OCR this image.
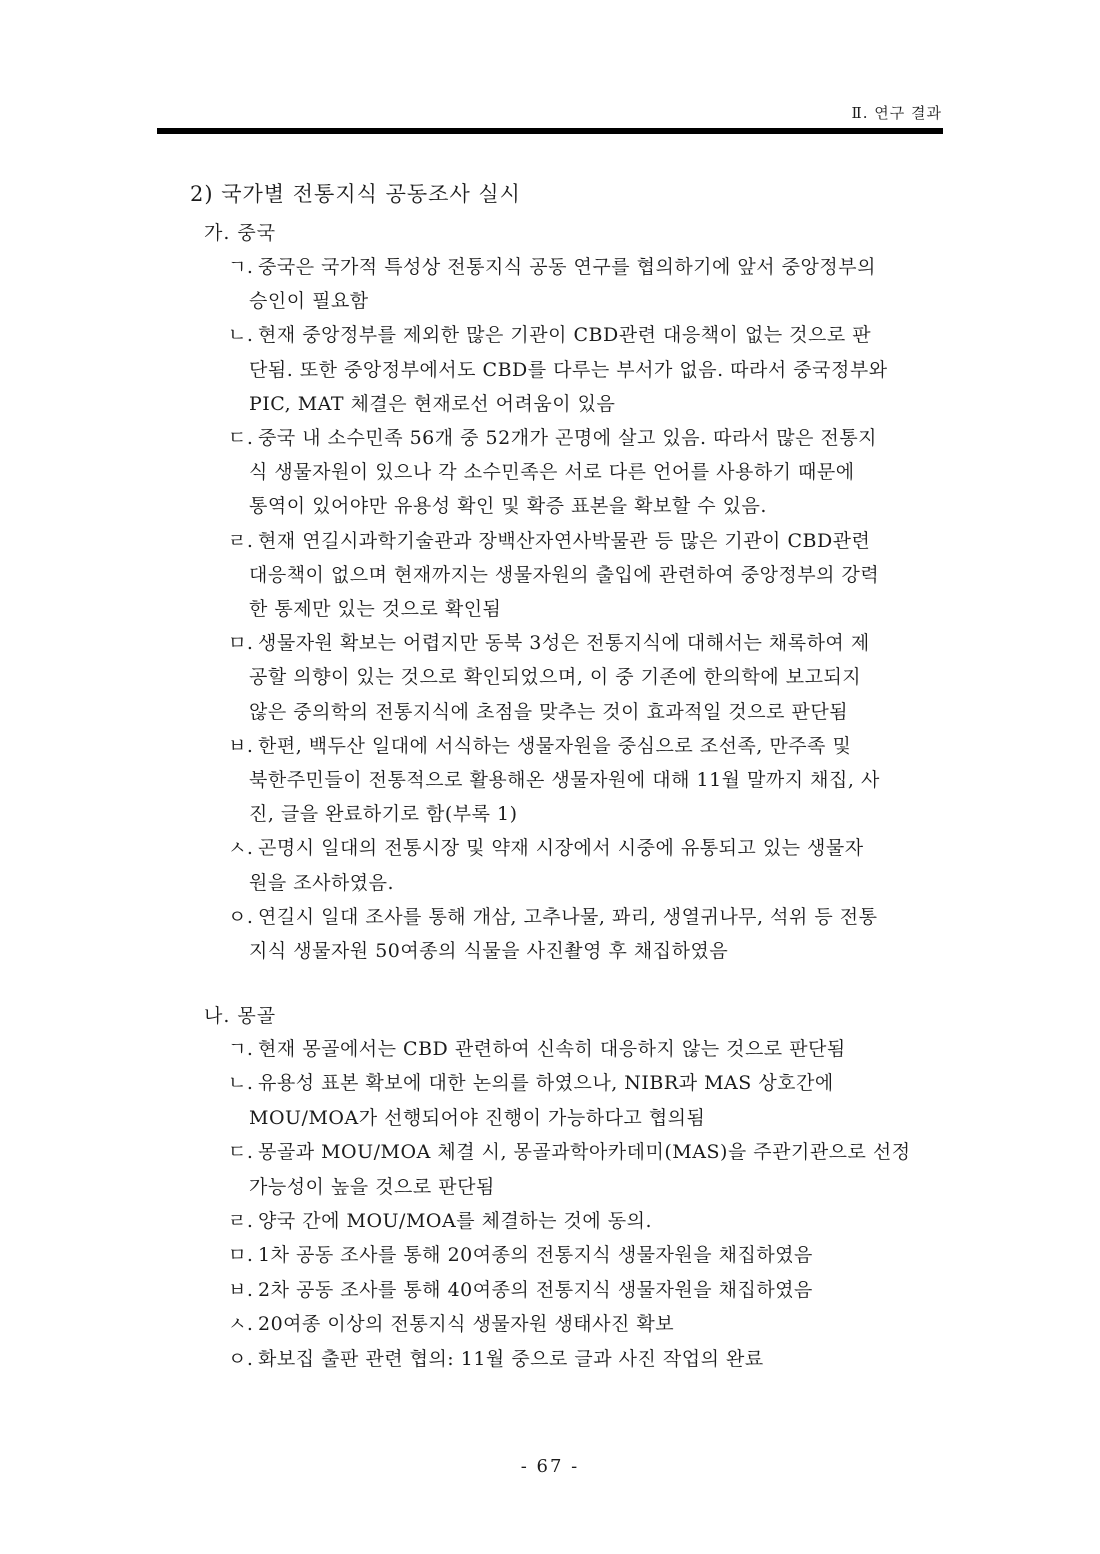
Ⅱ. 연구 결과
2) 국가별 전통지식 공동조사 실시
가. 중국
ㄱ. 중국은 국가적 특성상 전통지식 공동 연구를 협의하기에 앞서 중앙정부의
승인이 필요함
ㄴ. 현재 중앙정부를 제외한 많은 기관이 CBD관련 대응책이 없는 것으로 판
단됨. 또한 중앙정부에서도 CBD를 다루는 부서가 없음. 따라서 중국정부와
PIC, MAT 체결은 현재로선 어려움이 있음
ㄷ. 중국 내 소수민족 56개 중 52개가 곤명에 살고 있음. 따라서 많은 전통지
식 생물자원이 있으나 각 소수민족은 서로 다른 언어를 사용하기 때문에
통역이 있어야만 유용성 확인 및 확증 표본을 확보할 수 있음.
ㄹ. 현재 연길시과학기술관과 장백산자연사박물관 등 많은 기관이 CBD관련
대응책이 없으며 현재까지는 생물자원의 출입에 관련하여 중앙정부의 강력
한 통제만 있는 것으로 확인됨
ㅁ. 생물자원 확보는 어렵지만 동북 3성은 전통지식에 대해서는 채록하여 제
공할 의향이 있는 것으로 확인되었으며, 이 중 기존에 한의학에 보고되지
않은 중의학의 전통지식에 초점을 맞추는 것이 효과적일 것으로 판단됨
ㅂ. 한편, 백두산 일대에 서식하는 생물자원을 중심으로 조선족, 만주족 및
북한주민들이 전통적으로 활용해온 생물자원에 대해 11월 말까지 채집, 사
진, 글을 완료하기로 함(부록 1)
ㅅ. 곤명시 일대의 전통시장 및 약재 시장에서 시중에 유통되고 있는 생물자
원을 조사하였음.
ㅇ. 연길시 일대 조사를 통해 개삼, 고추나물, 꽈리, 생열귀나무, 석위 등 전통
지식 생물자원 50여종의 식물을 사진촬영 후 채집하였음
나. 몽골
ㄱ. 현재 몽골에서는 CBD 관련하여 신속히 대응하지 않는 것으로 판단됨
ㄴ. 유용성 표본 확보에 대한 논의를 하였으나, NIBR과 MAS 상호간에
MOU/MOA가 선행되어야 진행이 가능하다고 협의됨
ㄷ. 몽골과 MOU/MOA 체결 시, 몽골과학아카데미(MAS)을 주관기관으로 선정
가능성이 높을 것으로 판단됨
ㄹ. 양국 간에 MOU/MOA를 체결하는 것에 동의.
ㅁ. 1차 공동 조사를 통해 20여종의 전통지식 생물자원을 채집하였음
ㅂ. 2차 공동 조사를 통해 40여종의 전통지식 생물자원을 채집하였음
ㅅ. 20여종 이상의 전통지식 생물자원 생태사진 확보
ㅇ. 화보집 출판 관련 협의: 11월 중으로 글과 사진 작업의 완료
- 67 -
